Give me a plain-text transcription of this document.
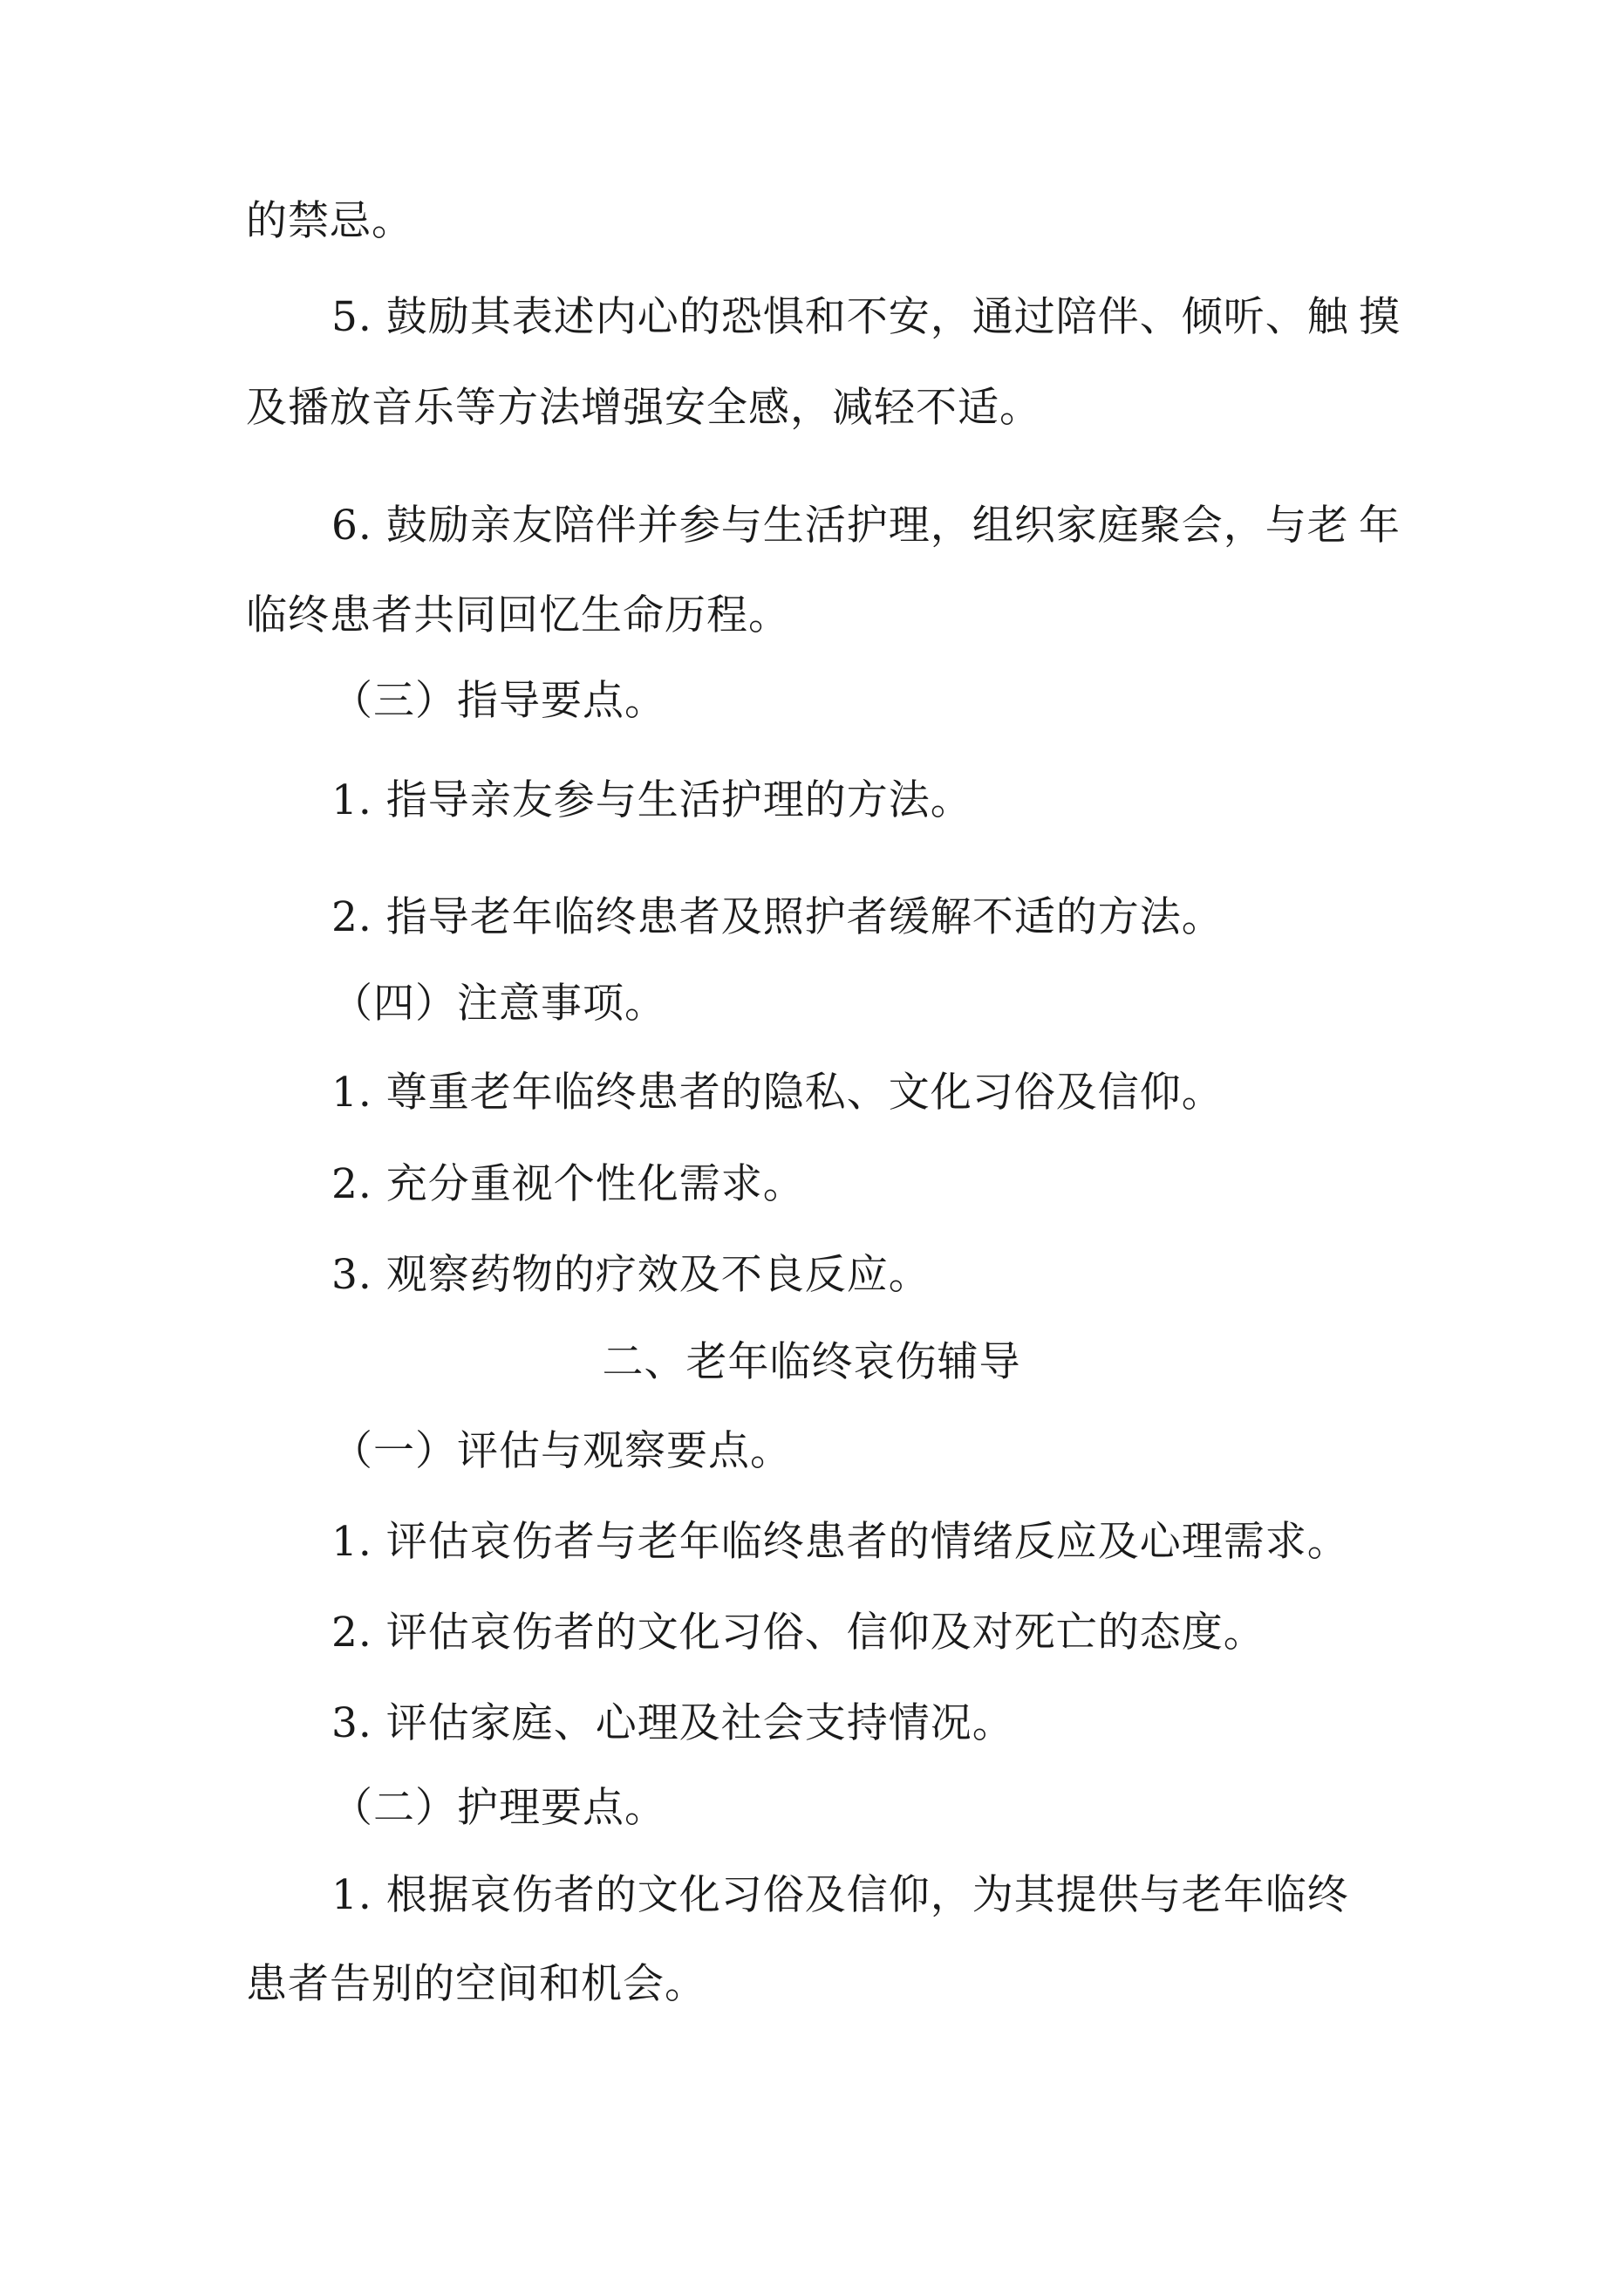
的禁忌。
5. 鼓励其表述内心的恐惧和不安，通过陪伴、倾听、触 摸
及播放音乐等方法增强安全感，减轻不适。
6. 鼓励亲友陪伴并参与生活护理，组织家庭聚会，与老 年
临终患者共同回忆生命历程。
（三）指导要点。
1. 指导亲友参与生活护理的方法。
2. 指导老年临终患者及照护者缓解不适的方法。
（四）注意事项。
1. 尊重老年临终患者的隐私、文化习俗及信仰。
2. 充分重视个性化需求。
3. 观察药物的疗效及不良反应。
二、老年临终哀伤辅导
（一）评估与观察要点。
1. 评估哀伤者与老年临终患者的情绪反应及心理需求。
2. 评估哀伤者的文化习俗、信仰及对死亡的态度。
3. 评估家庭、心理及社会支持情况。
（二）护理要点。
1. 根据哀伤者的文化习俗及信仰，为其提供与老年临终
患者告别的空间和机会。
